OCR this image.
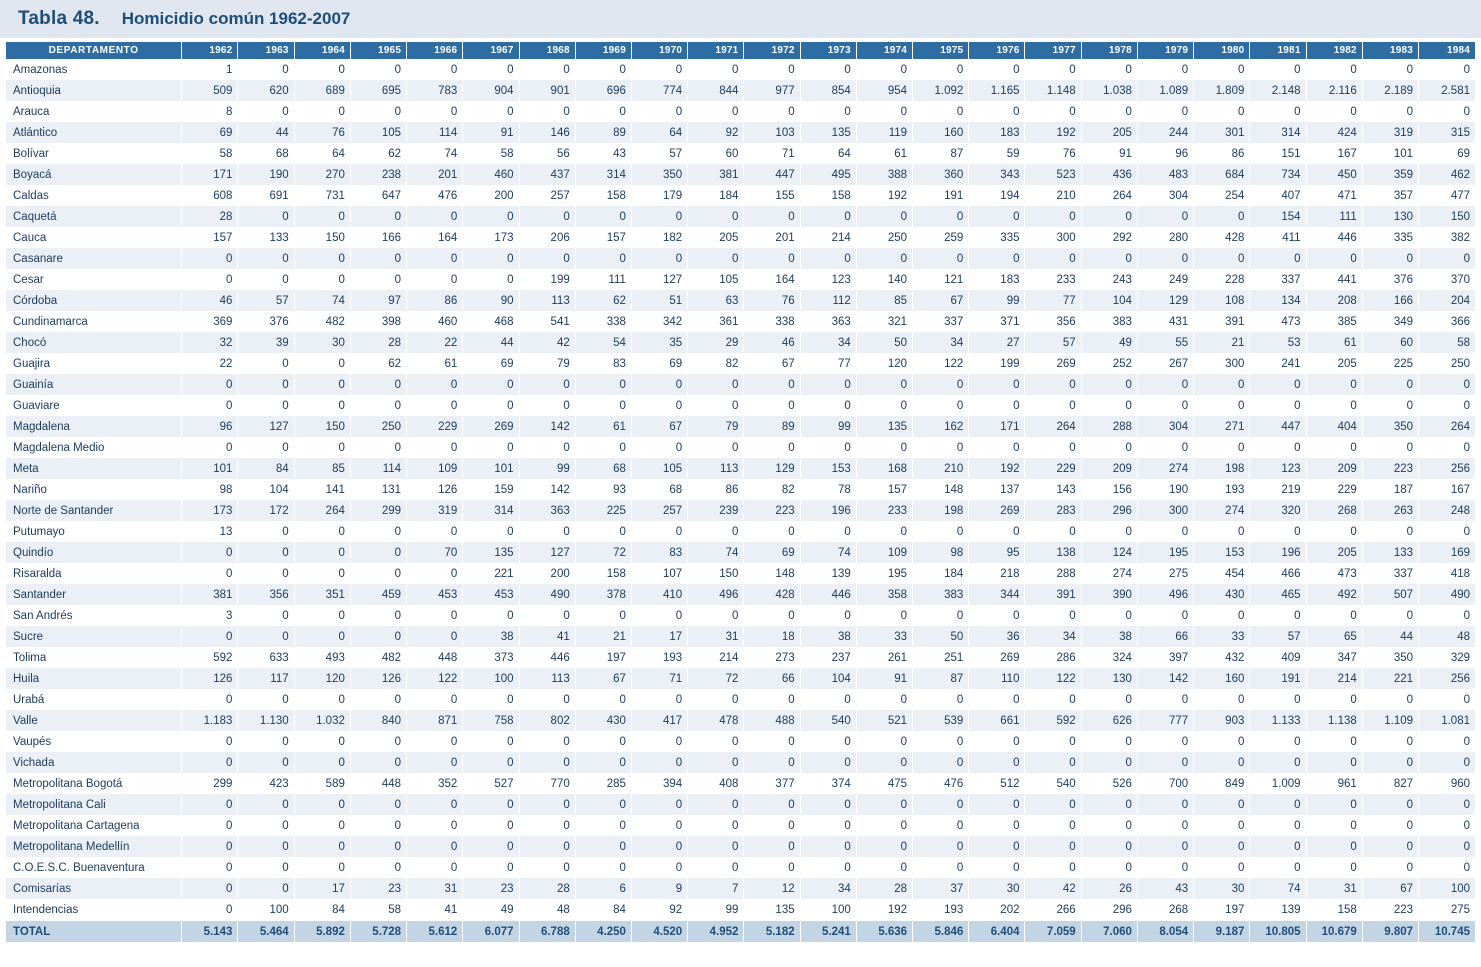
Tabla 48. Homicidio común 1962-2007
DEPARTAMENTO	1962	1963	1964	1965	1966	1967	1968	1969	1970	1971	1972	1973	1974	1975	1976	1977	1978	1979	1980	1981	1982	1983	1984
Amazonas	1	0	0	0	0	0	0	0	0	0	0	0	0	0	0	0	0	0	0	0	0	0	0
Antioquia	509	620	689	695	783	904	901	696	774	844	977	854	954	1.092	1.165	1.148	1.038	1.089	1.809	2.148	2.116	2.189	2.581
Arauca	8	0	0	0	0	0	0	0	0	0	0	0	0	0	0	0	0	0	0	0	0	0	0
Atlántico	69	44	76	105	114	91	146	89	64	92	103	135	119	160	183	192	205	244	301	314	424	319	315
Bolívar	58	68	64	62	74	58	56	43	57	60	71	64	61	87	59	76	91	96	86	151	167	101	69
Boyacá	171	190	270	238	201	460	437	314	350	381	447	495	388	360	343	523	436	483	684	734	450	359	462
Caldas	608	691	731	647	476	200	257	158	179	184	155	158	192	191	194	210	264	304	254	407	471	357	477
Caquetá	28	0	0	0	0	0	0	0	0	0	0	0	0	0	0	0	0	0	0	154	111	130	150
Cauca	157	133	150	166	164	173	206	157	182	205	201	214	250	259	335	300	292	280	428	411	446	335	382
Casanare	0	0	0	0	0	0	0	0	0	0	0	0	0	0	0	0	0	0	0	0	0	0	0
Cesar	0	0	0	0	0	0	199	111	127	105	164	123	140	121	183	233	243	249	228	337	441	376	370
Córdoba	46	57	74	97	86	90	113	62	51	63	76	112	85	67	99	77	104	129	108	134	208	166	204
Cundinamarca	369	376	482	398	460	468	541	338	342	361	338	363	321	337	371	356	383	431	391	473	385	349	366
Chocó	32	39	30	28	22	44	42	54	35	29	46	34	50	34	27	57	49	55	21	53	61	60	58
Guajira	22	0	0	62	61	69	79	83	69	82	67	77	120	122	199	269	252	267	300	241	205	225	250
Guainía	0	0	0	0	0	0	0	0	0	0	0	0	0	0	0	0	0	0	0	0	0	0	0
Guaviare	0	0	0	0	0	0	0	0	0	0	0	0	0	0	0	0	0	0	0	0	0	0	0
Magdalena	96	127	150	250	229	269	142	61	67	79	89	99	135	162	171	264	288	304	271	447	404	350	264
Magdalena Medio	0	0	0	0	0	0	0	0	0	0	0	0	0	0	0	0	0	0	0	0	0	0	0
Meta	101	84	85	114	109	101	99	68	105	113	129	153	168	210	192	229	209	274	198	123	209	223	256
Nariño	98	104	141	131	126	159	142	93	68	86	82	78	157	148	137	143	156	190	193	219	229	187	167
Norte de Santander	173	172	264	299	319	314	363	225	257	239	223	196	233	198	269	283	296	300	274	320	268	263	248
Putumayo	13	0	0	0	0	0	0	0	0	0	0	0	0	0	0	0	0	0	0	0	0	0	0
Quindío	0	0	0	0	70	135	127	72	83	74	69	74	109	98	95	138	124	195	153	196	205	133	169
Risaralda	0	0	0	0	0	221	200	158	107	150	148	139	195	184	218	288	274	275	454	466	473	337	418
Santander	381	356	351	459	453	453	490	378	410	496	428	446	358	383	344	391	390	496	430	465	492	507	490
San Andrés	3	0	0	0	0	0	0	0	0	0	0	0	0	0	0	0	0	0	0	0	0	0	0
Sucre	0	0	0	0	0	38	41	21	17	31	18	38	33	50	36	34	38	66	33	57	65	44	48
Tolima	592	633	493	482	448	373	446	197	193	214	273	237	261	251	269	286	324	397	432	409	347	350	329
Huila	126	117	120	126	122	100	113	67	71	72	66	104	91	87	110	122	130	142	160	191	214	221	256
Urabá	0	0	0	0	0	0	0	0	0	0	0	0	0	0	0	0	0	0	0	0	0	0	0
Valle	1.183	1.130	1.032	840	871	758	802	430	417	478	488	540	521	539	661	592	626	777	903	1.133	1.138	1.109	1.081
Vaupés	0	0	0	0	0	0	0	0	0	0	0	0	0	0	0	0	0	0	0	0	0	0	0
Vichada	0	0	0	0	0	0	0	0	0	0	0	0	0	0	0	0	0	0	0	0	0	0	0
Metropolitana Bogotá	299	423	589	448	352	527	770	285	394	408	377	374	475	476	512	540	526	700	849	1.009	961	827	960
Metropolitana Cali	0	0	0	0	0	0	0	0	0	0	0	0	0	0	0	0	0	0	0	0	0	0	0
Metropolitana Cartagena	0	0	0	0	0	0	0	0	0	0	0	0	0	0	0	0	0	0	0	0	0	0	0
Metropolitana Medellín	0	0	0	0	0	0	0	0	0	0	0	0	0	0	0	0	0	0	0	0	0	0	0
C.O.E.S.C. Buenaventura	0	0	0	0	0	0	0	0	0	0	0	0	0	0	0	0	0	0	0	0	0	0	0
Comisarías	0	0	17	23	31	23	28	6	9	7	12	34	28	37	30	42	26	43	30	74	31	67	100
Intendencias	0	100	84	58	41	49	48	84	92	99	135	100	192	193	202	266	296	268	197	139	158	223	275
TOTAL	5.143	5.464	5.892	5.728	5.612	6.077	6.788	4.250	4.520	4.952	5.182	5.241	5.636	5.846	6.404	7.059	7.060	8.054	9.187	10.805	10.679	9.807	10.745
